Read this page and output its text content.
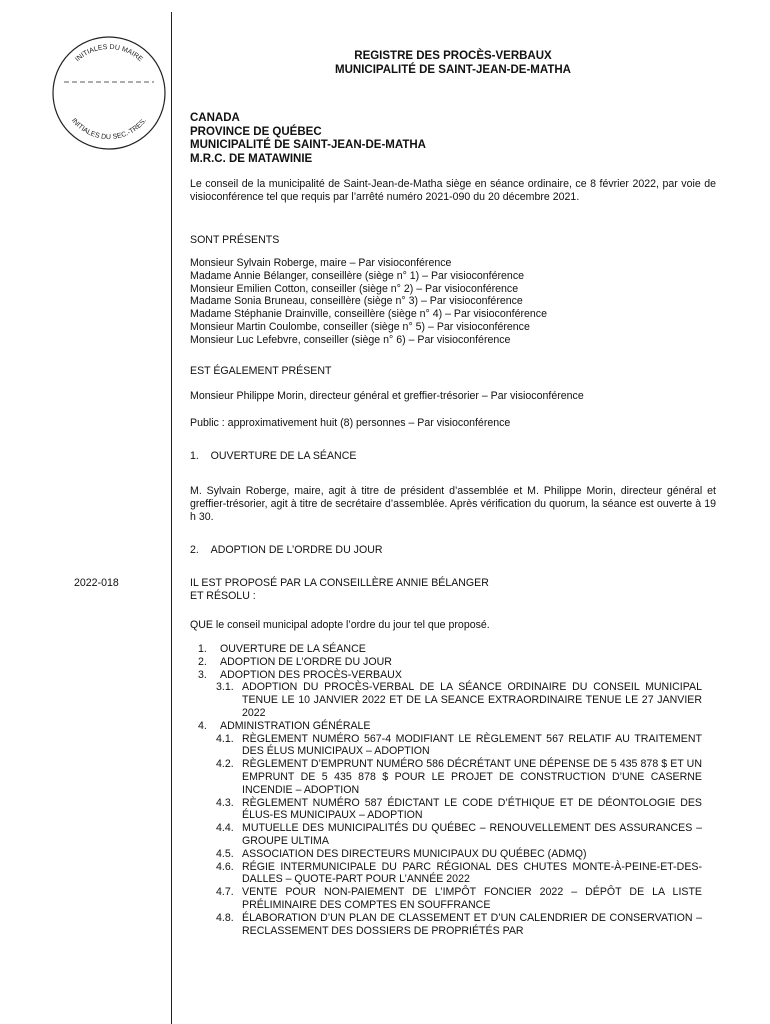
INITIALES DU MAIRE
INITIALES DU SEC.-TRES.
REGISTRE DES PROCÈS-VERBAUX
MUNICIPALITÉ DE SAINT-JEAN-DE-MATHA
CANADA
PROVINCE DE QUÉBEC
MUNICIPALITÉ DE SAINT-JEAN-DE-MATHA
M.R.C. DE MATAWINIE
Le conseil de la municipalité de Saint-Jean-de-Matha siège en séance ordinaire, ce 8 février 2022, par voie de visioconférence tel que requis par l’arrêté numéro 2021-090 du 20 décembre 2021.
SONT PRÉSENTS
Monsieur Sylvain Roberge, maire – Par visioconférence
Madame Annie Bélanger, conseillère (siège n° 1) – Par visioconférence
Monsieur Emilien Cotton, conseiller (siège n° 2) – Par visioconférence
Madame Sonia Bruneau, conseillère (siège n° 3) – Par visioconférence
Madame Stéphanie Drainville, conseillère (siège n° 4) – Par visioconférence
Monsieur Martin Coulombe, conseiller (siège n° 5) – Par visioconférence
Monsieur Luc Lefebvre, conseiller (siège n° 6) – Par visioconférence
EST ÉGALEMENT PRÉSENT
Monsieur Philippe Morin, directeur général et greffier-trésorier – Par visioconférence
Public : approximativement huit (8) personnes – Par visioconférence
1. OUVERTURE DE LA SÉANCE
M. Sylvain Roberge, maire, agit à titre de président d’assemblée et M. Philippe Morin, directeur général et greffier-trésorier, agit à titre de secrétaire d’assemblée. Après vérification du quorum, la séance est ouverte à 19 h 30.
2. ADOPTION DE L’ORDRE DU JOUR
2022-018	IL EST PROPOSÉ PAR LA CONSEILLÈRE ANNIE BÉLANGER
ET RÉSOLU :
QUE le conseil municipal adopte l’ordre du jour tel que proposé.
1.	OUVERTURE DE LA SÉANCE
2.	ADOPTION DE L’ORDRE DU JOUR
3.	ADOPTION DES PROCÈS-VERBAUX
3.1. ADOPTION DU PROCÈS-VERBAL DE LA SÉANCE ORDINAIRE DU CONSEIL MUNICIPAL TENUE LE 10 JANVIER 2022 ET DE LA SEANCE EXTRAORDINAIRE TENUE LE 27 JANVIER 2022
4.	ADMINISTRATION GÉNÉRALE
4.1. RÈGLEMENT NUMÉRO 567-4 MODIFIANT LE RÈGLEMENT 567 RELATIF AU TRAITEMENT DES ÉLUS MUNICIPAUX – ADOPTION
4.2. RÈGLEMENT D’EMPRUNT NUMÉRO 586 DÉCRÉTANT UNE DÉPENSE DE 5 435 878 $ ET UN EMPRUNT DE 5 435 878 $ POUR LE PROJET DE CONSTRUCTION D’UNE CASERNE INCENDIE – ADOPTION
4.3. RÈGLEMENT NUMÉRO 587 ÉDICTANT LE CODE D’ÉTHIQUE ET DE DÉONTOLOGIE DES ÉLUS-ES MUNICIPAUX – ADOPTION
4.4. MUTUELLE DES MUNICIPALITÉS DU QUÉBEC – RENOUVELLEMENT DES ASSURANCES – GROUPE ULTIMA
4.5. ASSOCIATION DES DIRECTEURS MUNICIPAUX DU QUÉBEC (ADMQ)
4.6. RÉGIE INTERMUNICIPALE DU PARC RÉGIONAL DES CHUTES MONTE-À-PEINE-ET-DES-DALLES – QUOTE-PART POUR L’ANNÉE 2022
4.7. VENTE POUR NON-PAIEMENT DE L’IMPÔT FONCIER 2022 – DÉPÔT DE LA LISTE PRÉLIMINAIRE DES COMPTES EN SOUFFRANCE
4.8. ÉLABORATION D’UN PLAN DE CLASSEMENT ET D’UN CALENDRIER DE CONSERVATION – RECLASSEMENT DES DOSSIERS DE PROPRIÉTÉS PAR
